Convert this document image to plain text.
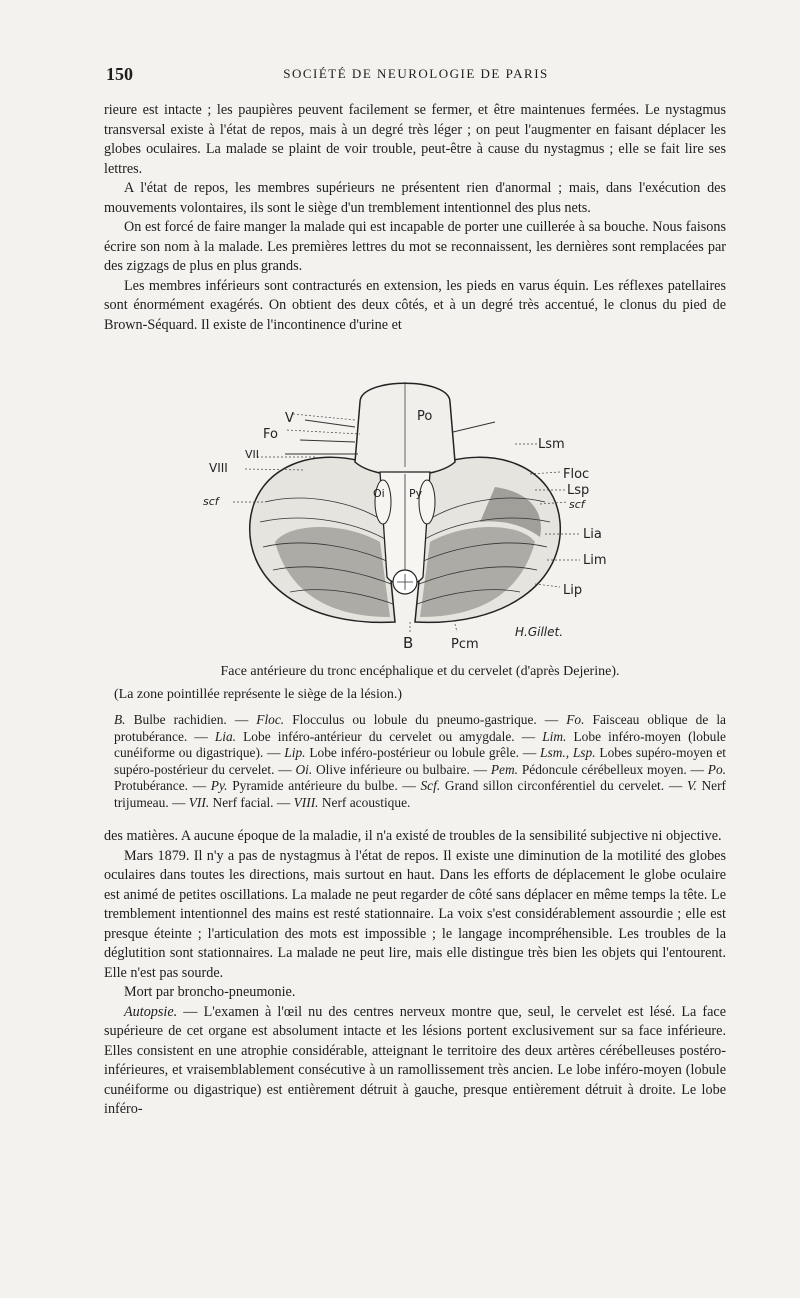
150	SOCIÉTÉ DE NEUROLOGIE DE PARIS

rieure est intacte ; les paupières peuvent facilement se fermer, et être maintenues fermées. Le nystagmus transversal existe à l'état de repos, mais à un degré très léger ; on peut l'augmenter en faisant déplacer les globes oculaires. La malade se plaint de voir trouble, peut-être à cause du nystagmus ; elle se fait lire ses lettres.

A l'état de repos, les membres supérieurs ne présentent rien d'anormal ; mais, dans l'exécution des mouvements volontaires, ils sont le siège d'un tremblement intentionnel des plus nets.

On est forcé de faire manger la malade qui est incapable de porter une cuillerée à sa bouche. Nous faisons écrire son nom à la malade. Les premières lettres du mot se reconnaissent, les dernières sont remplacées par des zigzags de plus en plus grands.

Les membres inférieurs sont contracturés en extension, les pieds en varus équin. Les réflexes patellaires sont énormément exagérés. On obtient des deux côtés, et à un degré très accentué, le clonus du pied de Brown-Séquard. Il existe de l'incontinence d'urine et

V
Fo
VII
VIII
scf
Po
Oi Py
Lsm
Floc
Lsp
scf
Lia
Lim
Lip
B	Pcm
H.Gillet.
Face antérieure du tronc encéphalique et du cervelet (d'après Dejerine).
(La zone pointillée représente le siège de la lésion.)
B. Bulbe rachidien. — Floc. Flocculus ou lobule du pneumo-gastrique. — Fo. Faisceau oblique de la protubérance. — Lia. Lobe inféro-antérieur du cervelet ou amygdale. — Lim. Lobe inféro-moyen (lobule cunéiforme ou digastrique). — Lip. Lobe inféro-postérieur ou lobule grêle. — Lsm., Lsp. Lobes supéro-moyen et supéro-postérieur du cervelet. — Oi. Olive inférieure ou bulbaire. — Pem. Pédoncule cérébelleux moyen. — Po. Protubérance. — Py. Pyramide antérieure du bulbe. — Scf. Grand sillon circonférentiel du cervelet. — V. Nerf trijumeau. — VII. Nerf facial. — VIII. Nerf acoustique.

des matières. A aucune époque de la maladie, il n'a existé de troubles de la sensibilité subjective ni objective.

Mars 1879. Il n'y a pas de nystagmus à l'état de repos. Il existe une diminution de la motilité des globes oculaires dans toutes les directions, mais surtout en haut. Dans les efforts de déplacement le globe oculaire est animé de petites oscillations. La malade ne peut regarder de côté sans déplacer en même temps la tête. Le tremblement intentionnel des mains est resté stationnaire. La voix s'est considérablement assourdie ; elle est presque éteinte ; l'articulation des mots est impossible ; le langage incompréhensible. Les troubles de la déglutition sont stationnaires. La malade ne peut lire, mais elle distingue très bien les objets qui l'entourent. Elle n'est pas sourde.

Mort par broncho-pneumonie.

Autopsie. — L'examen à l'œil nu des centres nerveux montre que, seul, le cervelet est lésé. La face supérieure de cet organe est absolument intacte et les lésions portent exclusivement sur sa face inférieure. Elles consistent en une atrophie considérable, atteignant le territoire des deux artères cérébelleuses postéro-inférieures, et vraisemblablement consécutive à un ramollissement très ancien. Le lobe inféro-moyen (lobule cunéiforme ou digastrique) est entièrement détruit à gauche, presque entièrement détruit à droite. Le lobe inféro-
